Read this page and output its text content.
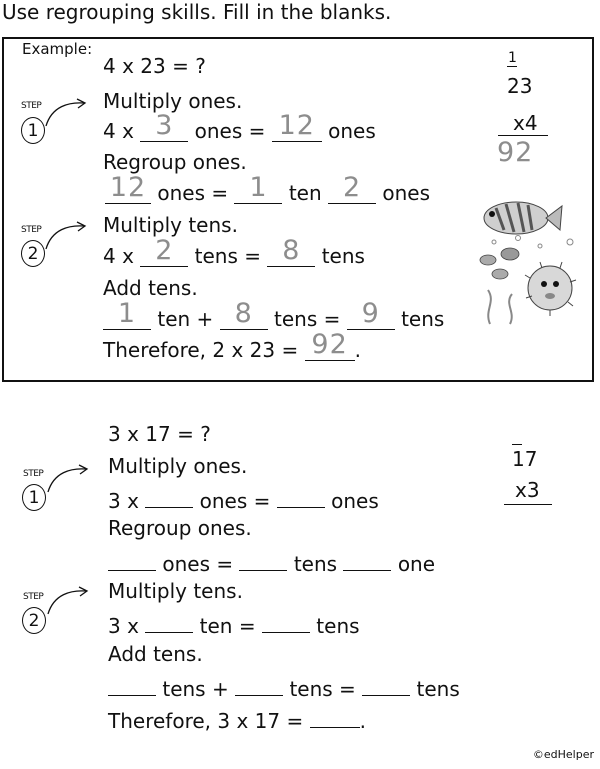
Use regrouping skills. Fill in the blanks.
Example:
STEP
1
STEP
2
4 x 23 = ?
Multiply ones.
4 x 3 ones = 12 ones
Regroup ones.
12 ones = 1 ten 2 ones
Multiply tens.
4 x 2 tens = 8 tens
Add tens.
1 ten + 8 tens = 9 tens
Therefore, 2 x 23 = 92 .
1
23
x4
92
3 x 17 = ?
STEP
1
STEP
2
Multiply ones.
3 x	ones =	ones
Regroup ones.
ones =	tens	one
Multiply tens.
3 x	ten =	tens
Add tens.
tens +	tens =	tens
Therefore, 3 x 17 =	.
17
x3
©edHelper
